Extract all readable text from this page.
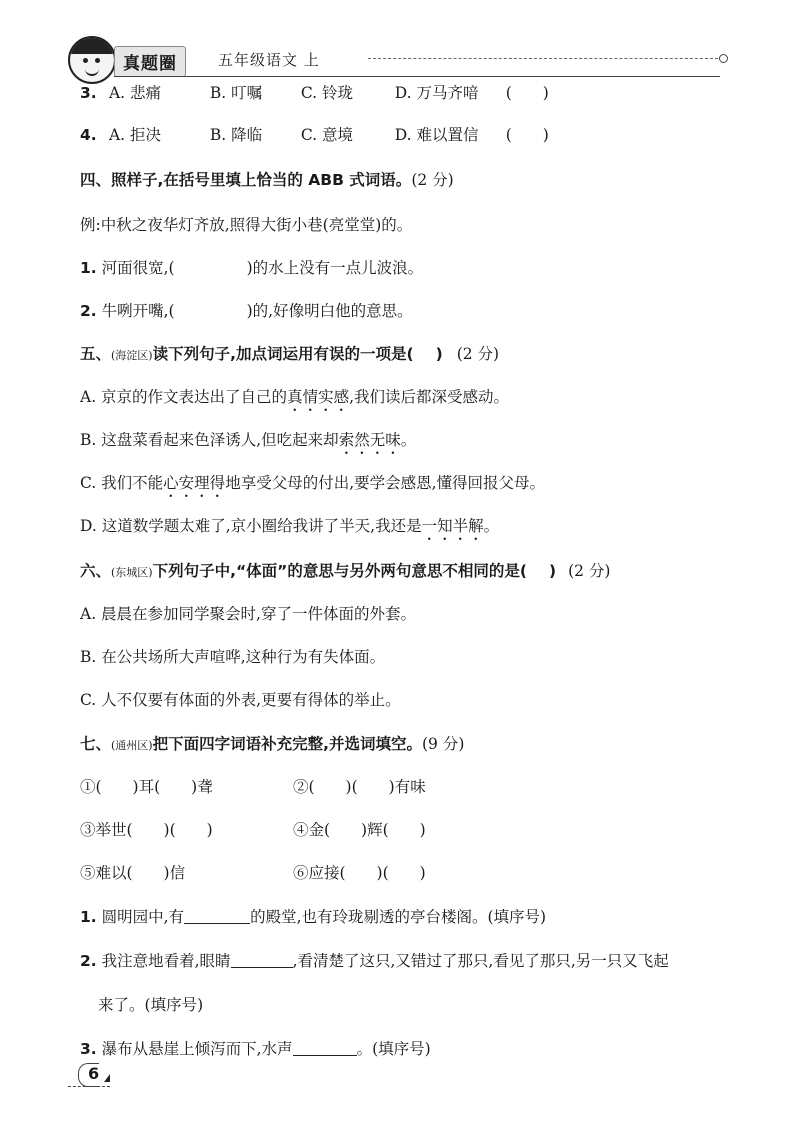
真题圈	五年级语文 上
3. A. 悲痛	B. 叮嘱 C. 铃珑	D. 万马齐喑 (　　)
4. A. 拒决	B. 降临 C. 意境	D. 难以置信 (　　)
四、照样子,在括号里填上恰当的 ABB 式词语。(2 分)
例:中秋之夜华灯齐放,照得大街小巷(亮堂堂)的。
1. 河面很宽,(	)的水上没有一点儿波浪。
2. 牛咧开嘴,(	)的,好像明白他的意思。
五、(海淀区)读下列句子,加点词运用有误的一项是( ) (2 分)
A. 京京的作文表达出了自己的真情实感,我们读后都深受感动。
B. 这盘菜看起来色泽诱人,但吃起来却索然无味。
C. 我们不能心安理得地享受父母的付出,要学会感恩,懂得回报父母。
D. 这道数学题太难了,京小圈给我讲了半天,我还是一知半解。
六、(东城区)下列句子中,“体面”的意思与另外两句意思不相同的是( ) (2 分)
A. 晨晨在参加同学聚会时,穿了一件体面的外套。
B. 在公共场所大声喧哗,这种行为有失体面。
C. 人不仅要有体面的外表,更要有得体的举止。
七、(通州区)把下面四字词语补充完整,并选词填空。(9 分)
①(　　)耳(　　)聋	②(　　)(　　)有味
③举世(　　)(　　)	④金(　　)辉(　　)
⑤难以(　　)信	⑥应接(　　)(　　)
1. 圆明园中,有	的殿堂,也有玲珑剔透的亭台楼阁。(填序号)
2. 我注意地看着,眼睛	,看清楚了这只,又错过了那只,看见了那只,另一只又飞起
来了。(填序号)
3. 瀑布从悬崖上倾泻而下,水声	。(填序号)
6
